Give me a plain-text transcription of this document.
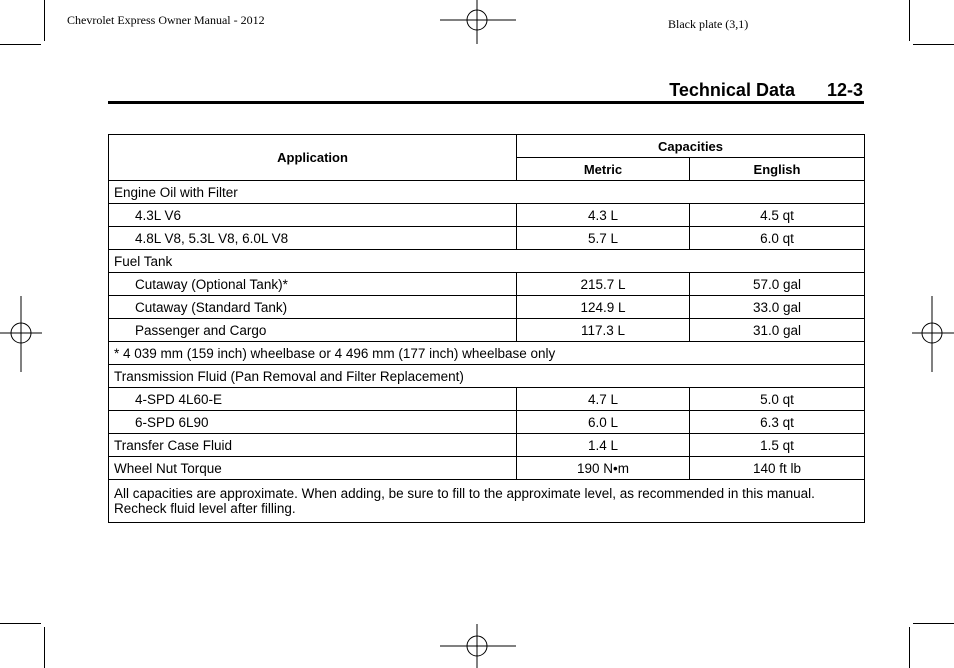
Chevrolet Express Owner Manual - 2012	Black plate (3,1)
Technical Data 12-3
Application	Capacities	
	Metric	English
Engine Oil with Filter		
4.3L V6	4.3 L	4.5 qt
4.8L V8, 5.3L V8, 6.0L V8	5.7 L	6.0 qt
Fuel Tank		
Cutaway (Optional Tank)*	215.7 L	57.0 gal
Cutaway (Standard Tank)	124.9 L	33.0 gal
Passenger and Cargo	117.3 L	31.0 gal
* 4 039 mm (159 inch) wheelbase or 4 496 mm (177 inch) wheelbase only		
Transmission Fluid (Pan Removal and Filter Replacement)		
4-SPD 4L60-E	4.7 L	5.0 qt
6-SPD 6L90	6.0 L	6.3 qt
Transfer Case Fluid	1.4 L	1.5 qt
Wheel Nut Torque	190 N•m	140 ft lb
All capacities are approximate. When adding, be sure to fill to the approximate level, as recommended in this manual. Recheck fluid level after filling.		
